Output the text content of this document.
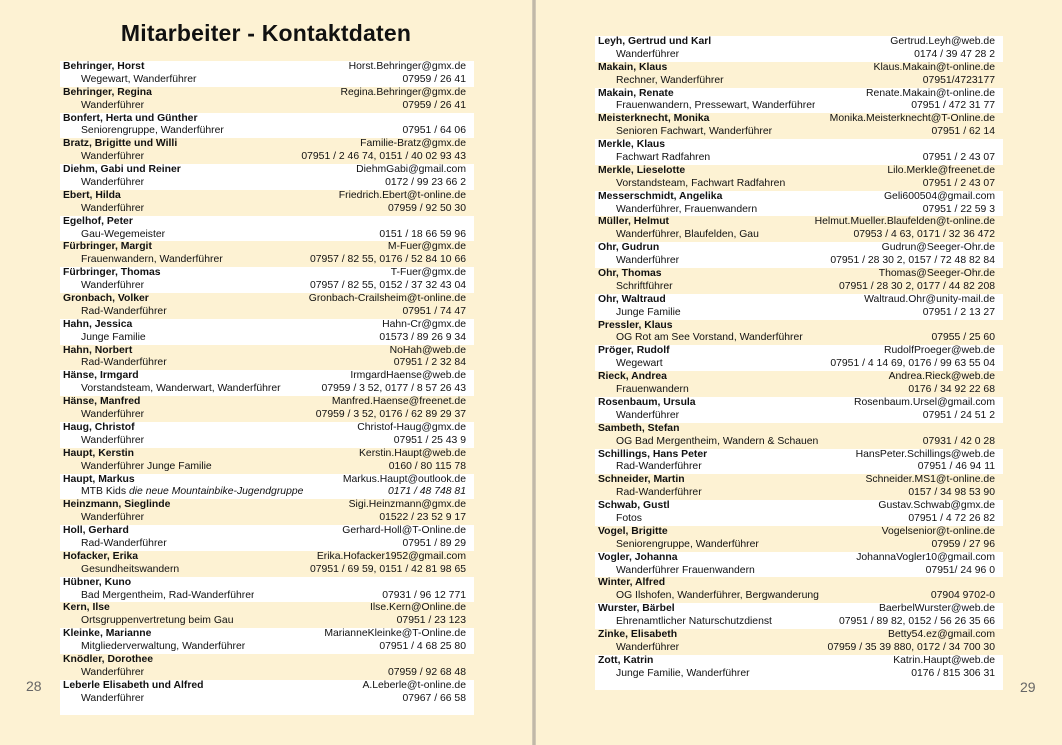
Mitarbeiter - Kontaktdaten
28	29
Behringer, Horst	Horst.Behringer@gmx.de
Wegewart, Wanderführer	07959 / 26 41
Behringer, Regina	Regina.Behringer@gmx.de
Wanderführer	07959 / 26 41
Bonfert, Herta und Günther
Seniorengruppe, Wanderführer	07951 / 64 06
Bratz, Brigitte und Willi	Familie-Bratz@gmx.de
Wanderführer	07951 / 2 46 74, 0151 / 40 02 93 43
Diehm, Gabi und Reiner	DiehmGabi@gmail.com
Wanderführer	0172 / 99 23 66 2
Ebert, Hilda	Friedrich.Ebert@t-online.de
Wanderführer	07959 / 92 50 30
Egelhof, Peter
Gau-Wegemeister	0151 / 18 66 59 96
Fürbringer, Margit	M-Fuer@gmx.de
Frauenwandern, Wanderführer	07957 / 82 55, 0176 / 52 84 10 66
Fürbringer, Thomas	T-Fuer@gmx.de
Wanderführer	07957 / 82 55, 0152 / 37 32 43 04
Gronbach, Volker	Gronbach-Crailsheim@t-online.de
Rad-Wanderführer	07951 / 74 47
Hahn, Jessica	Hahn-Cr@gmx.de
Junge Familie	01573 / 89 26 9 34
Hahn, Norbert	NoHah@web.de
Rad-Wanderführer	07951 / 2 32 84
Hänse, Irmgard	IrmgardHaense@web.de
Vorstandsteam, Wanderwart, Wanderführer	07959 / 3 52, 0177 / 8 57 26 43
Hänse, Manfred	Manfred.Haense@freenet.de
Wanderführer	07959 / 3 52, 0176 / 62 89 29 37
Haug, Christof	Christof-Haug@gmx.de
Wanderführer	07951 / 25 43 9
Haupt, Kerstin	Kerstin.Haupt@web.de
Wanderführer Junge Familie	0160 / 80 115 78
Haupt, Markus	Markus.Haupt@outlook.de
MTB Kids die neue Mountainbike-Jugendgruppe	0171 / 48 748 81
Heinzmann, Sieglinde	Sigi.Heinzmann@gmx.de
Wanderführer	01522 / 23 52 9 17
Holl, Gerhard	Gerhard-Holl@T-Online.de
Rad-Wanderführer	07951 / 89 29
Hofacker, Erika	Erika.Hofacker1952@gmail.com
Gesundheitswandern	07951 / 69 59, 0151 / 42 81 98 65
Hübner, Kuno
Bad Mergentheim, Rad-Wanderführer	07931 / 96 12 771
Kern, Ilse	Ilse.Kern@Online.de
Ortsgruppenvertretung beim Gau	07951 / 23 123
Kleinke, Marianne	MarianneKleinke@T-Online.de
Mitgliederverwaltung, Wanderführer	07951 / 4 68 25 80
Knödler, Dorothee
Wanderführer	07959 / 92 68 48
Leberle Elisabeth und Alfred	A.Leberle@t-online.de
Wanderführer	07967 / 66 58
Leyh, Gertrud und Karl	Gertrud.Leyh@web.de
Wanderführer	0174 / 39 47 28 2
Makain, Klaus	Klaus.Makain@t-online.de
Rechner, Wanderführer	07951/4723177
Makain, Renate	Renate.Makain@t-online.de
Frauenwandern, Pressewart, Wanderführer	07951 / 472 31 77
Meisterknecht, Monika	Monika.Meisterknecht@T-Online.de
Senioren Fachwart, Wanderführer	07951 / 62 14
Merkle, Klaus
Fachwart Radfahren	07951 / 2 43 07
Merkle, Lieselotte	Lilo.Merkle@freenet.de
Vorstandsteam, Fachwart Radfahren	07951 / 2 43 07
Messerschmidt, Angelika	Geli600504@gmail.com
Wanderführer, Frauenwandern	07951 / 22 59 3
Müller, Helmut	Helmut.Mueller.Blaufelden@t-online.de
Wanderführer, Blaufelden, Gau	07953 / 4 63, 0171 / 32 36 472
Ohr, Gudrun	Gudrun@Seeger-Ohr.de
Wanderführer	07951 / 28 30 2, 0157 / 72 48 82 84
Ohr, Thomas	Thomas@Seeger-Ohr.de
Schriftführer	07951 / 28 30 2, 0177 / 44 82 208
Ohr, Waltraud	Waltraud.Ohr@unity-mail.de
Junge Familie	07951 / 2 13 27
Pressler, Klaus
OG Rot am See Vorstand, Wanderführer	07955 / 25 60
Pröger, Rudolf	RudolfProeger@web.de
Wegewart	07951 / 4 14 69, 0176 / 99 63 55 04
Rieck, Andrea	Andrea.Rieck@web.de
Frauenwandern	0176 / 34 92 22 68
Rosenbaum, Ursula	Rosenbaum.Ursel@gmail.com
Wanderführer	07951 / 24 51 2
Sambeth, Stefan
OG Bad Mergentheim, Wandern & Schauen	07931 / 42 0 28
Schillings, Hans Peter	HansPeter.Schillings@web.de
Rad-Wanderführer	07951 / 46 94 11
Schneider, Martin	Schneider.MS1@t-online.de
Rad-Wanderführer	0157 / 34 98 53 90
Schwab, Gustl	Gustav.Schwab@gmx.de
Fotos	07951 / 4 72 26 82
Vogel, Brigitte	Vogelsenior@t-online.de
Seniorengruppe, Wanderführer	07959 / 27 96
Vogler, Johanna	JohannaVogler10@gmail.com
Wanderführer Frauenwandern	07951/ 24 96 0
Winter, Alfred
OG Ilshofen, Wanderführer, Bergwanderung	07904 9702-0
Wurster, Bärbel	BaerbelWurster@web.de
Ehrenamtlicher Naturschutzdienst	07951 / 89 82, 0152 / 56 26 35 66
Zinke, Elisabeth	Betty54.ez@gmail.com
Wanderführer	07959 / 35 39 880, 0172 / 34 700 30
Zott, Katrin	Katrin.Haupt@web.de
Junge Familie, Wanderführer	0176 / 815 306 31
